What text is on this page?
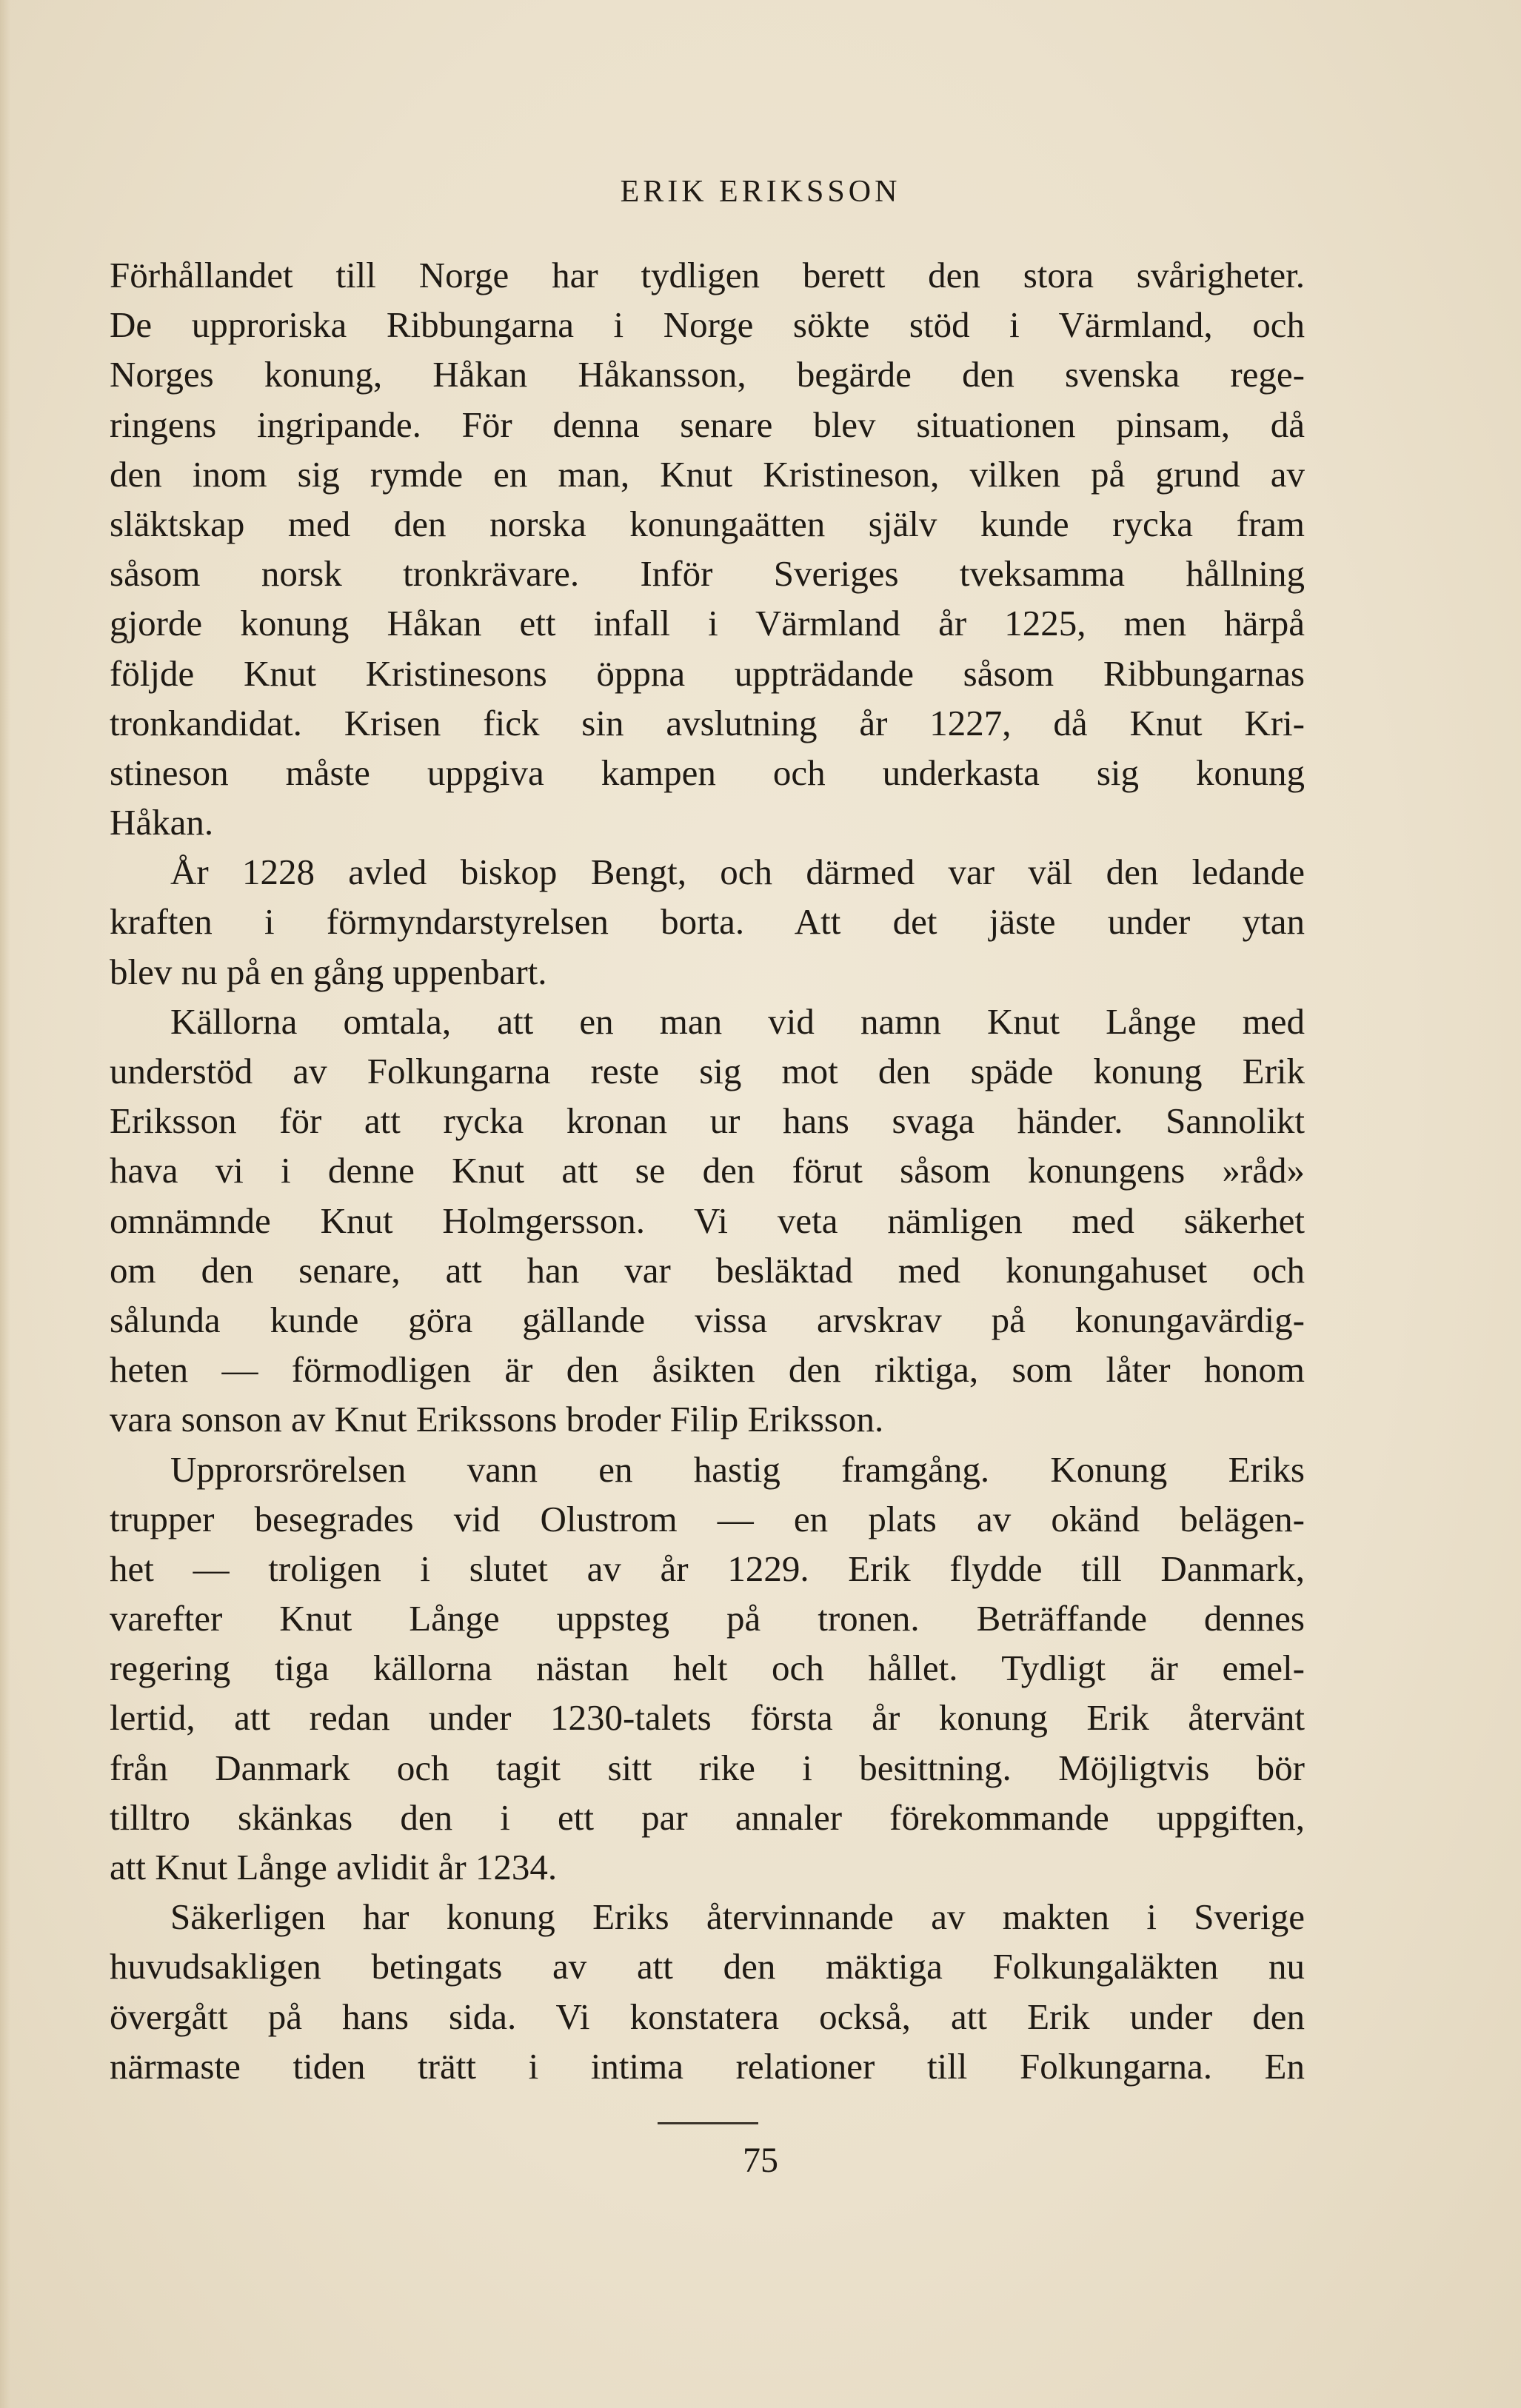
ERIK ERIKSSON
Förhållandet till Norge har tydligen berett den stora svårigheter.
De upproriska Ribbungarna i Norge sökte stöd i Värmland, och
Norges konung, Håkan Håkansson, begärde den svenska rege-
ringens ingripande. För denna senare blev situationen pinsam, då
den inom sig rymde en man, Knut Kristineson, vilken på grund av
släktskap med den norska konungaätten själv kunde rycka fram
såsom norsk tronkrävare. Inför Sveriges tveksamma hållning
gjorde konung Håkan ett infall i Värmland år 1225, men härpå
följde Knut Kristinesons öppna uppträdande såsom Ribbungarnas
tronkandidat. Krisen fick sin avslutning år 1227, då Knut Kri-
stineson måste uppgiva kampen och underkasta sig konung
Håkan.
År 1228 avled biskop Bengt, och därmed var väl den ledande
kraften i förmyndarstyrelsen borta. Att det jäste under ytan
blev nu på en gång uppenbart.
Källorna omtala, att en man vid namn Knut Långe med
understöd av Folkungarna reste sig mot den späde konung Erik
Eriksson för att rycka kronan ur hans svaga händer. Sannolikt
hava vi i denne Knut att se den förut såsom konungens »råd»
omnämnde Knut Holmgersson. Vi veta nämligen med säkerhet
om den senare, att han var besläktad med konungahuset och
sålunda kunde göra gällande vissa arvskrav på konungavärdig-
heten — förmodligen är den åsikten den riktiga, som låter honom
vara sonson av Knut Erikssons broder Filip Eriksson.
Upprorsrörelsen vann en hastig framgång. Konung Eriks
trupper besegrades vid Olustrom — en plats av okänd belägen-
het — troligen i slutet av år 1229. Erik flydde till Danmark,
varefter Knut Långe uppsteg på tronen. Beträffande dennes
regering tiga källorna nästan helt och hållet. Tydligt är emel-
lertid, att redan under 1230-talets första år konung Erik återvänt
från Danmark och tagit sitt rike i besittning. Möjligtvis bör
tilltro skänkas den i ett par annaler förekommande uppgiften,
att Knut Långe avlidit år 1234.
Säkerligen har konung Eriks återvinnande av makten i Sverige
huvudsakligen betingats av att den mäktiga Folkungaläkten nu
övergått på hans sida. Vi konstatera också, att Erik under den
närmaste tiden trätt i intima relationer till Folkungarna. En
75
